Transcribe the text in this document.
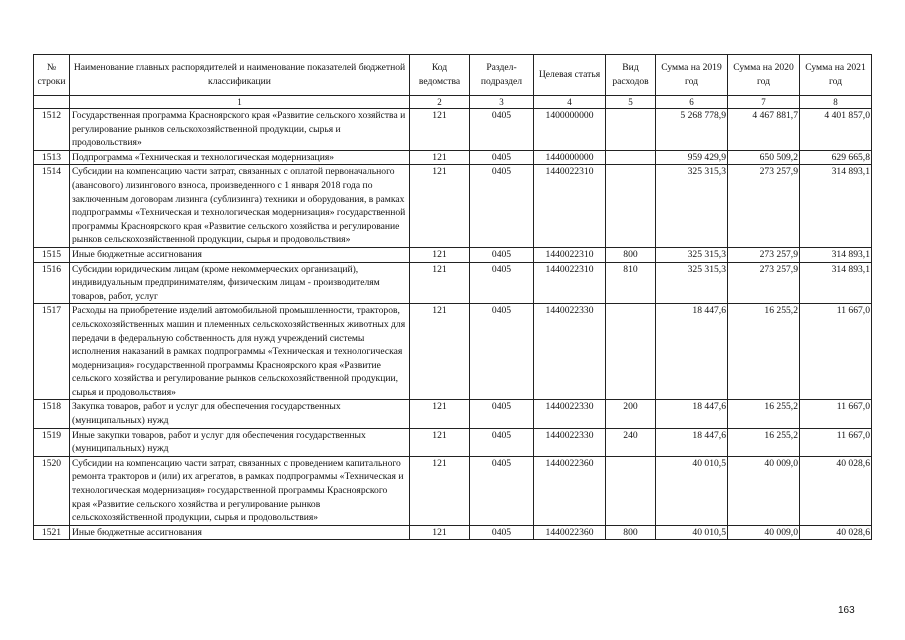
№ строки	Наименование главных распорядителей и наименование показателей бюджетной классификации	Код ведомства	Раздел-подраздел	Целевая статья	Вид расходов	Сумма на 2019 год	Сумма на 2020 год	Сумма на 2021 год
	1	2	3	4	5	6	7	8
1512	Государственная программа Красноярского края «Развитие сельского хозяйства и регулирование рынков сельскохозяйственной продукции, сырья и продовольствия»	121	0405	1400000000		5 268 778,9	4 467 881,7	4 401 857,0
1513	Подпрограмма «Техническая и технологическая модернизация»	121	0405	1440000000		959 429,9	650 509,2	629 665,8
1514	Субсидии на компенсацию части затрат, связанных с оплатой первоначального (авансового) лизингового взноса, произведенного с 1 января 2018 года по заключенным договорам лизинга (сублизинга) техники и оборудования, в рамках подпрограммы «Техническая и технологическая модернизация» государственной программы Красноярского края «Развитие сельского хозяйства и регулирование рынков сельскохозяйственной продукции, сырья и продовольствия»	121	0405	1440022310		325 315,3	273 257,9	314 893,1
1515	Иные бюджетные ассигнования	121	0405	1440022310	800	325 315,3	273 257,9	314 893,1
1516	Субсидии юридическим лицам (кроме некоммерческих организаций), индивидуальным предпринимателям, физическим лицам - производителям товаров, работ, услуг	121	0405	1440022310	810	325 315,3	273 257,9	314 893,1
1517	Расходы на приобретение изделий автомобильной промышленности, тракторов, сельскохозяйственных машин и племенных сельскохозяйственных животных для передачи в федеральную собственность для нужд учреждений системы исполнения наказаний в рамках подпрограммы «Техническая и технологическая модернизация» государственной программы Красноярского края «Развитие сельского хозяйства и регулирование рынков сельскохозяйственной продукции, сырья и продовольствия»	121	0405	1440022330		18 447,6	16 255,2	11 667,0
1518	Закупка товаров, работ и услуг для обеспечения государственных (муниципальных) нужд	121	0405	1440022330	200	18 447,6	16 255,2	11 667,0
1519	Иные закупки товаров, работ и услуг для обеспечения государственных (муниципальных) нужд	121	0405	1440022330	240	18 447,6	16 255,2	11 667,0
1520	Субсидии на компенсацию части затрат, связанных с проведением капитального ремонта тракторов и (или) их агрегатов, в рамках подпрограммы «Техническая и технологическая модернизация» государственной программы Красноярского края «Развитие сельского хозяйства и регулирование рынков сельскохозяйственной продукции, сырья и продовольствия»	121	0405	1440022360		40 010,5	40 009,0	40 028,6
1521	Иные бюджетные ассигнования	121	0405	1440022360	800	40 010,5	40 009,0	40 028,6
163
